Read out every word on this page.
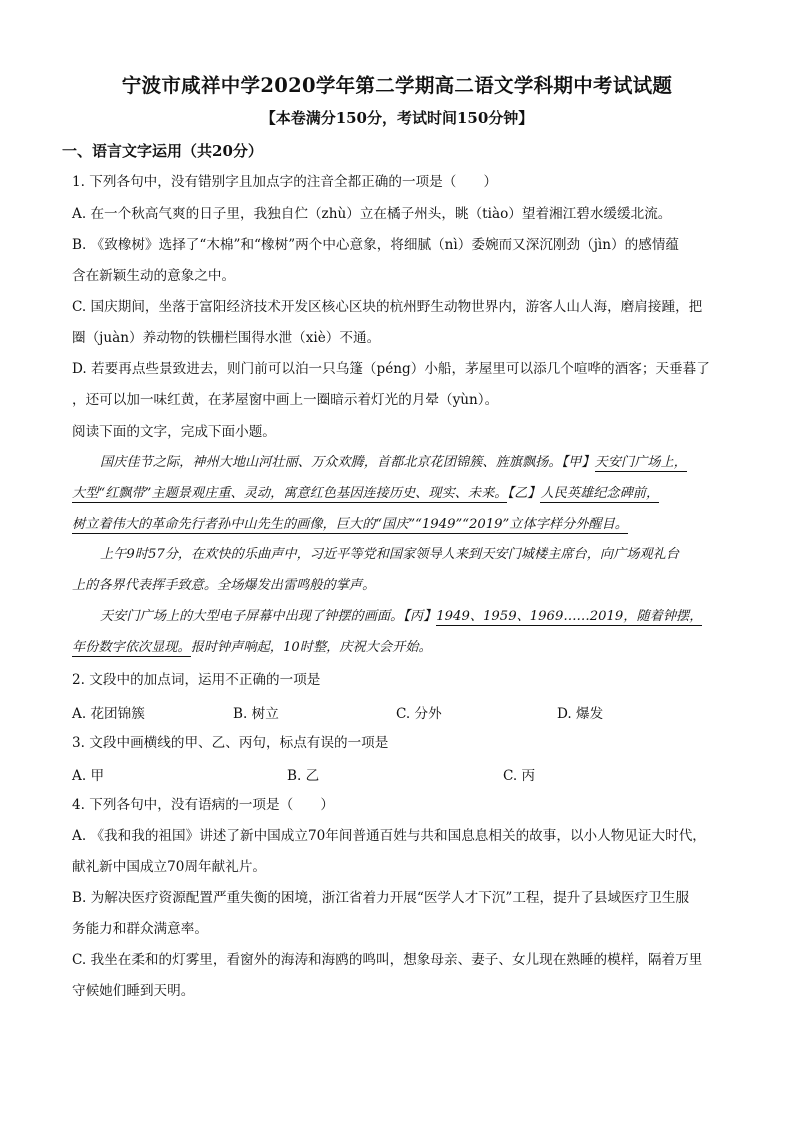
宁波市咸祥中学2020学年第二学期高二语文学科期中考试试题
【本卷满分150分，考试时间150分钟】
一、语言文字运用（共20分）
1. 下列各句中，没有错别字且加点字的注音全都正确的一项是（　　）
A. 在一个秋高气爽的日子里，我独自伫（zhù）立在橘子州头，眺（tiào）望着湘江碧水缓缓北流。
B. 《致橡树》选择了“木棉”和“橡树”两个中心意象，将细腻（nì）委婉而又深沉刚劲（jìn）的感情蕴
含在新颖生动的意象之中。
C. 国庆期间，坐落于富阳经济技术开发区核心区块的杭州野生动物世界内，游客人山人海，磨肩接踵，把
圈（juàn）养动物的铁栅栏围得水泄（xiè）不通。
D. 若要再点些景致进去，则门前可以泊一只乌篷（péng）小船，茅屋里可以添几个喧哗的酒客；天垂暮了
，还可以加一味红黄，在茅屋窗中画上一圈暗示着灯光的月晕（yùn）。
阅读下面的文字，完成下面小题。
国庆佳节之际，神州大地山河壮丽、万众欢腾，首都北京花团锦簇、旌旗飘扬。【甲】天安门广场上，
大型“红飘带”主题景观庄重、灵动，寓意红色基因连接历史、现实、未来。【乙】人民英雄纪念碑前，
树立着伟大的革命先行者孙中山先生的画像，巨大的“国庆”“1949”“2019”立体字样分外醒目。
上午9时57分，在欢快的乐曲声中，习近平等党和国家领导人来到天安门城楼主席台，向广场观礼台
上的各界代表挥手致意。全场爆发出雷鸣般的掌声。
天安门广场上的大型电子屏幕中出现了钟摆的画面。【丙】1949、1959、1969……2019，随着钟摆，
年份数字依次显现。报时钟声响起，10时整，庆祝大会开始。
2. 文段中的加点词，运用不正确的一项是
A. 花团锦簇	B. 树立	C. 分外	D. 爆发
3. 文段中画横线的甲、乙、丙句，标点有误的一项是
A. 甲	B. 乙	C. 丙
4. 下列各句中，没有语病的一项是（　　）
A. 《我和我的祖国》讲述了新中国成立70年间普通百姓与共和国息息相关的故事，以小人物见证大时代，
献礼新中国成立70周年献礼片。
B. 为解决医疗资源配置严重失衡的困境，浙江省着力开展“医学人才下沉”工程，提升了县域医疗卫生服
务能力和群众满意率。
C. 我坐在柔和的灯雾里，看窗外的海涛和海鸥的鸣叫，想象母亲、妻子、女儿现在熟睡的模样，隔着万里
守候她们睡到天明。
